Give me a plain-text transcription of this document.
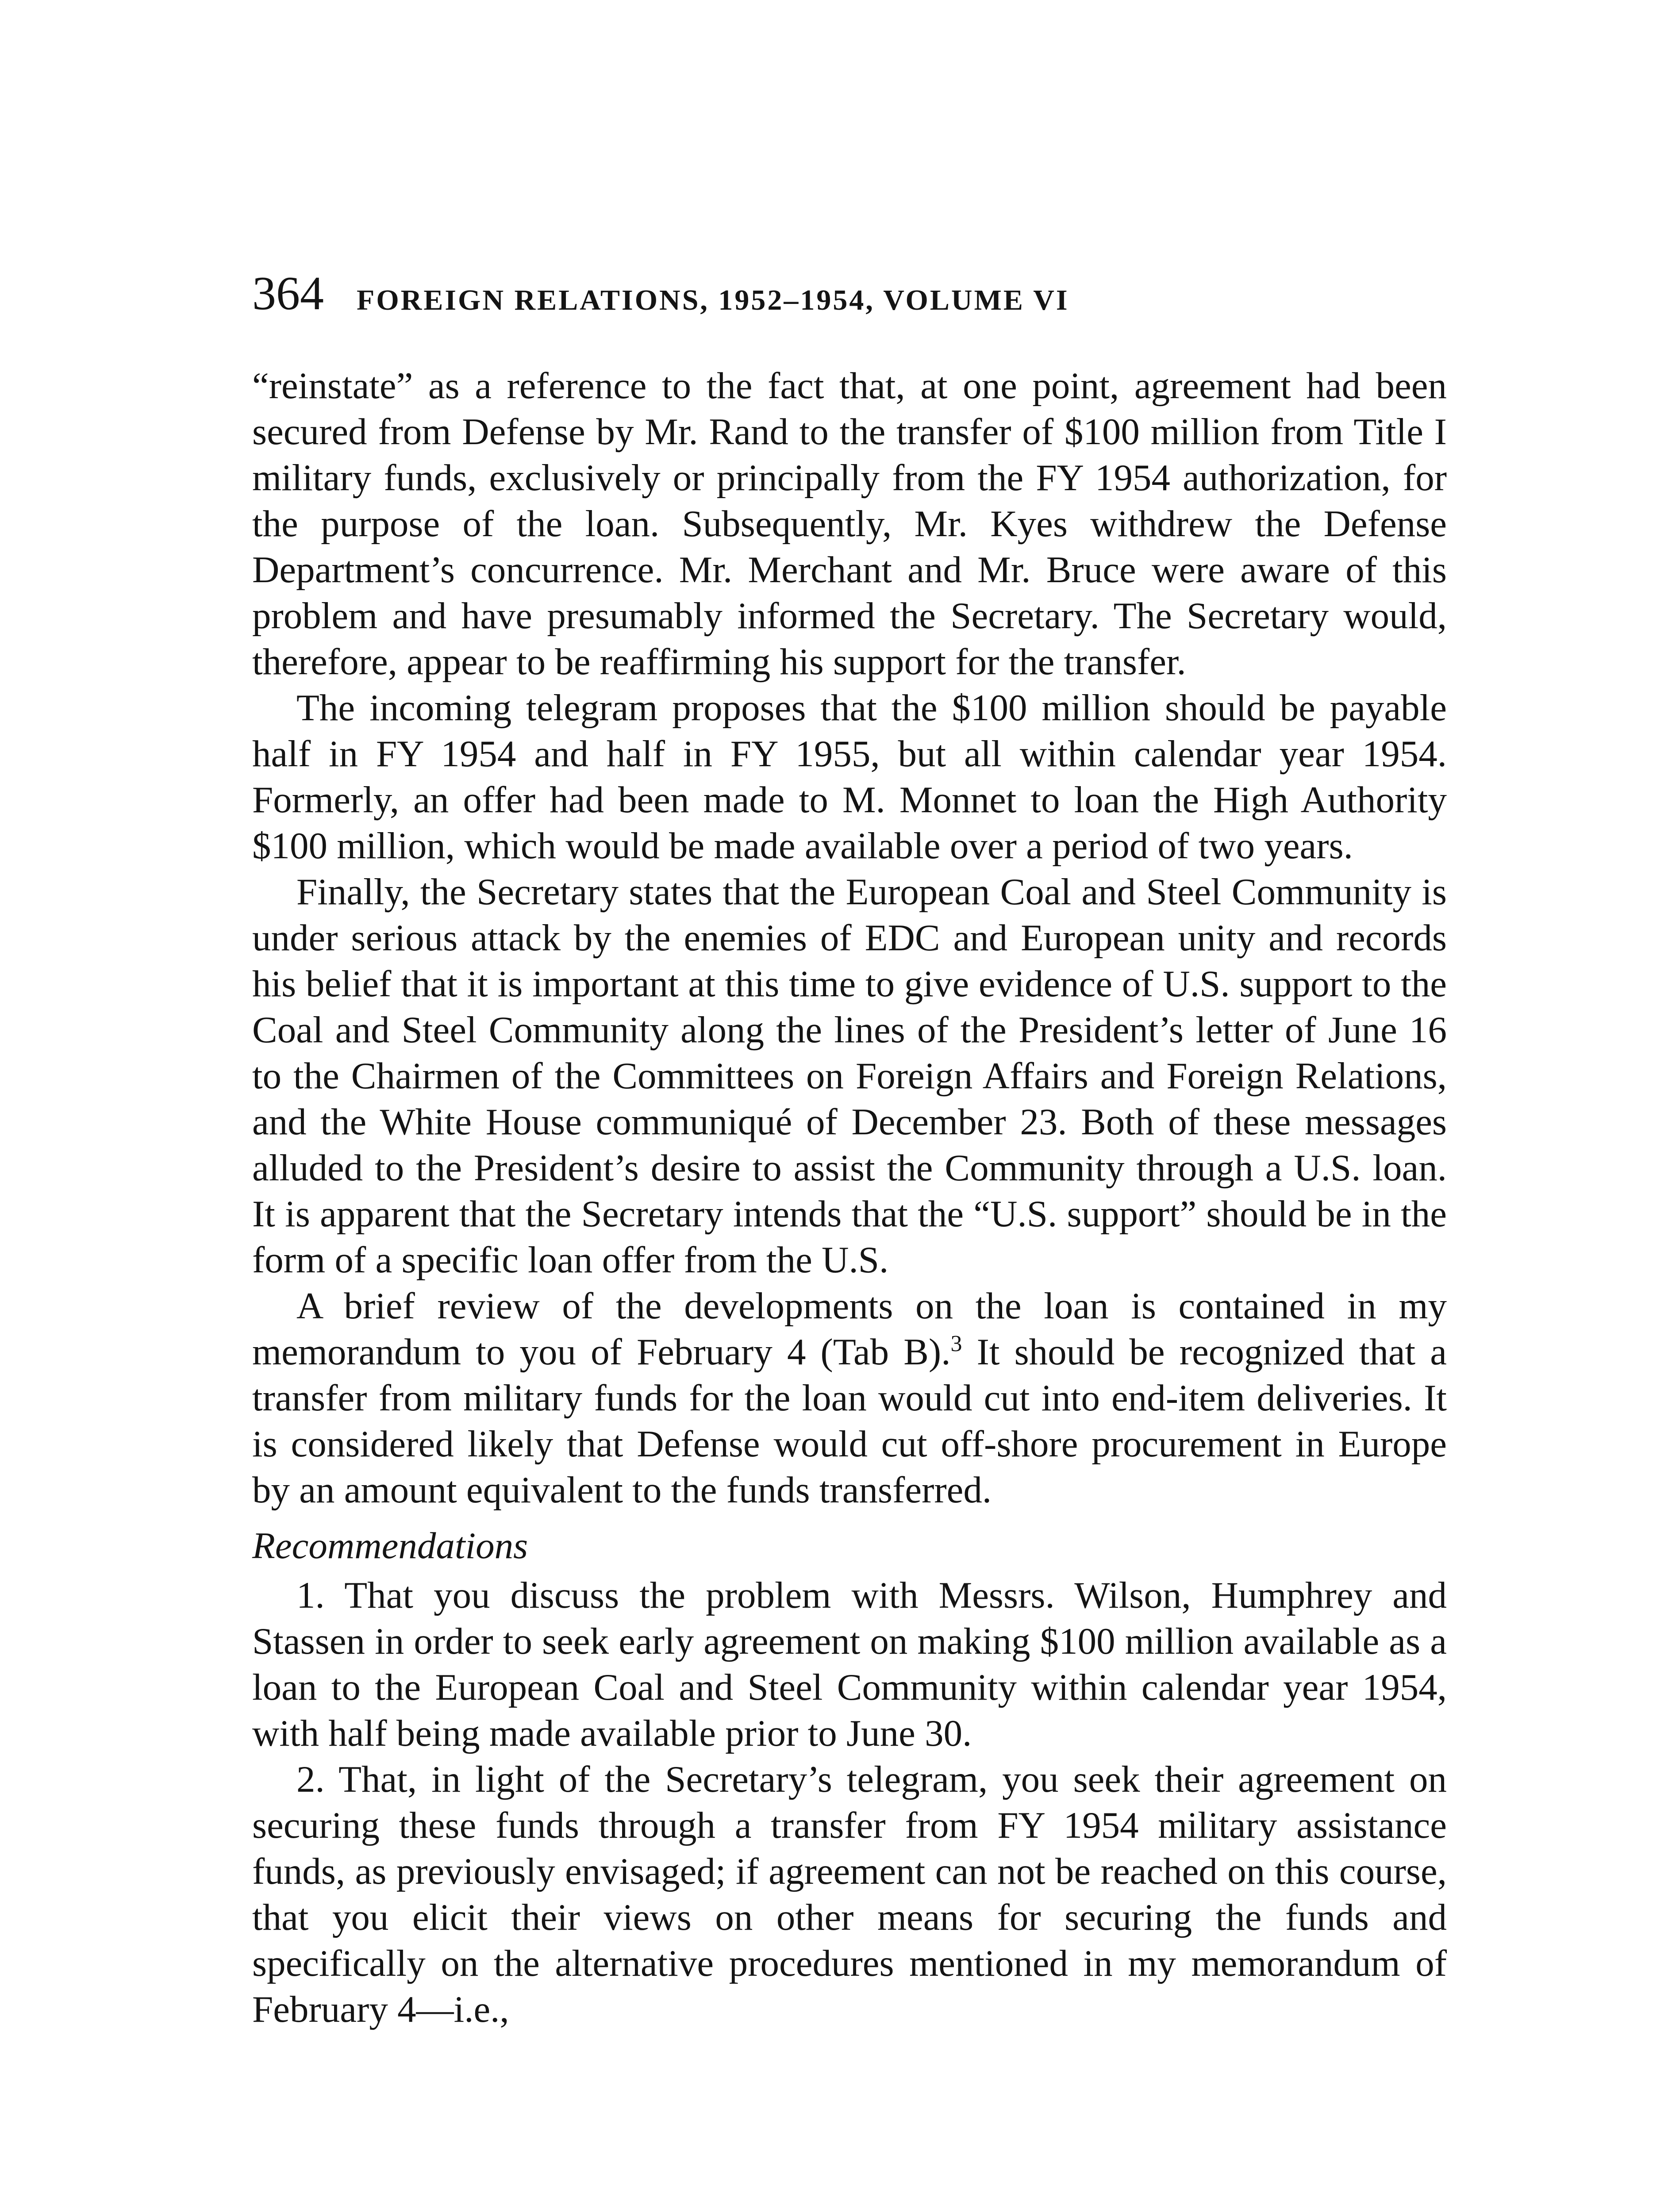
364 FOREIGN RELATIONS, 1952–1954, VOLUME VI

“reinstate” as a reference to the fact that, at one point, agreement had been secured from Defense by Mr. Rand to the transfer of $100 million from Title I military funds, exclusively or principally from the FY 1954 authorization, for the purpose of the loan. Subsequently, Mr. Kyes withdrew the Defense Department’s concurrence. Mr. Merchant and Mr. Bruce were aware of this problem and have presumably informed the Secretary. The Secretary would, therefore, appear to be reaffirming his support for the transfer.

The incoming telegram proposes that the $100 million should be payable half in FY 1954 and half in FY 1955, but all within calendar year 1954. Formerly, an offer had been made to M. Monnet to loan the High Authority $100 million, which would be made available over a period of two years.

Finally, the Secretary states that the European Coal and Steel Community is under serious attack by the enemies of EDC and European unity and records his belief that it is important at this time to give evidence of U.S. support to the Coal and Steel Community along the lines of the President’s letter of June 16 to the Chairmen of the Committees on Foreign Affairs and Foreign Relations, and the White House communiqué of December 23. Both of these messages alluded to the President’s desire to assist the Community through a U.S. loan. It is apparent that the Secretary intends that the “U.S. support” should be in the form of a specific loan offer from the U.S.

A brief review of the developments on the loan is contained in my memorandum to you of February 4 (Tab B).$^3$ It should be recognized that a transfer from military funds for the loan would cut into end-item deliveries. It is considered likely that Defense would cut off-shore procurement in Europe by an amount equivalent to the funds transferred.

Recommendations

1. That you discuss the problem with Messrs. Wilson, Humphrey and Stassen in order to seek early agreement on making $100 million available as a loan to the European Coal and Steel Community within calendar year 1954, with half being made available prior to June 30.

2. That, in light of the Secretary’s telegram, you seek their agreement on securing these funds through a transfer from FY 1954 military assistance funds, as previously envisaged; if agreement can not be reached on this course, that you elicit their views on other means for securing the funds and specifically on the alternative procedures mentioned in my memorandum of February 4—i.e.,
